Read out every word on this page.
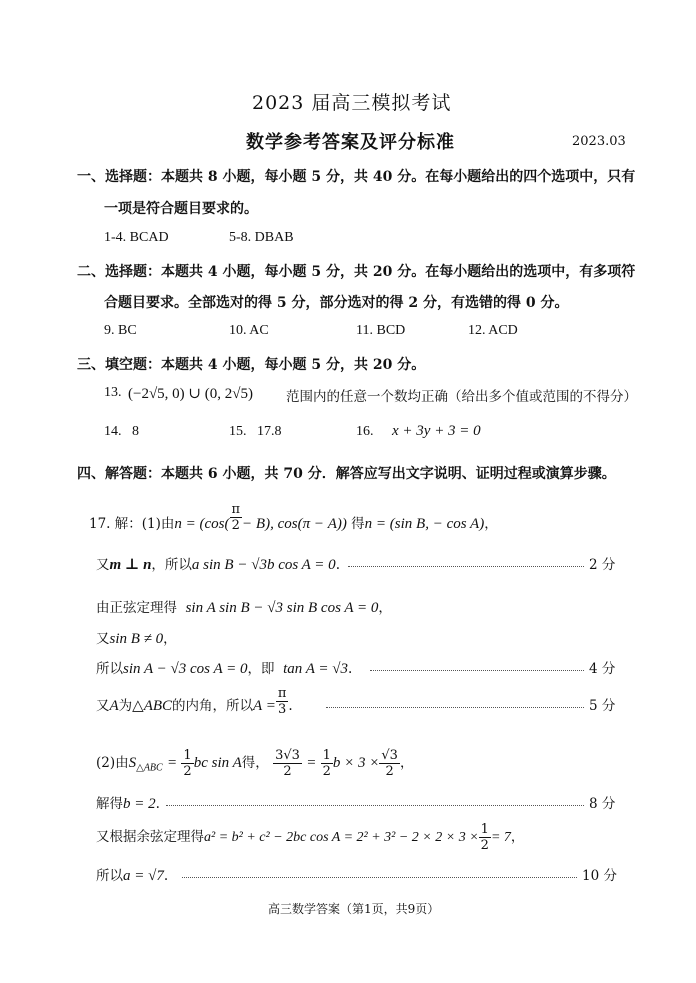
2023 届高三模拟考试
数学参考答案及评分标准	2023.03
一、选择题：本题共 8 小题，每小题 5 分，共 40 分。在每小题给出的四个选项中，只有
一项是符合题目要求的。
1-4. BCAD	5-8. DBAB
二、选择题：本题共 4 小题，每小题 5 分，共 20 分。在每小题给出的选项中，有多项符
合题目要求。全部选对的得 5 分，部分选对的得 2 分，有选错的得 0 分。
9. BC	10. AC	11. BCD	12. ACD
三、填空题：本题共 4 小题，每小题 5 分，共 20 分。
13. (−2√5, 0) ∪ (0, 2√5) 范围内的任意一个数均正确（给出多个值或范围的不得分）
14.   8	15.   17.8	16. x + 3y + 3 = 0
四、解答题：本题共 6 小题，共 70 分．解答应写出文字说明、证明过程或演算步骤。
17. 解：(1)由$n = (\cos( \frac{\pi}{2} - B)$, cos(π − A)) 得n = (sin B, − cos A)，
又m ⊥ n，所以a sin B − √3b cos A = 0.	2 分
由正弦定理得 sin A sin B − √3 sin B cos A = 0，
又sin B ≠ 0，
所以sin A − √3 cos A = 0，即 tan A = √3.	4 分
又A为△ABC的内角，所以$A = \frac{\pi}{3}$ .	5 分
(2)由$S_{\triangle ABC} = \frac{1}{2}$ bc sin A得， $\frac{3√3}{2} = \frac{1}{2}$ $b \times 3 \times \frac{√3}{2}$ ，
解得b = 2.	8 分
又根据余弦定理得a² = b² + c² − 2bc $\cos A = 2^2 + 3^2 - 2 \times 2 \times 3 \times \frac{1}{2} = 7$，
所以a = √7.	10 分
高三数学答案（第1页，共9页）
